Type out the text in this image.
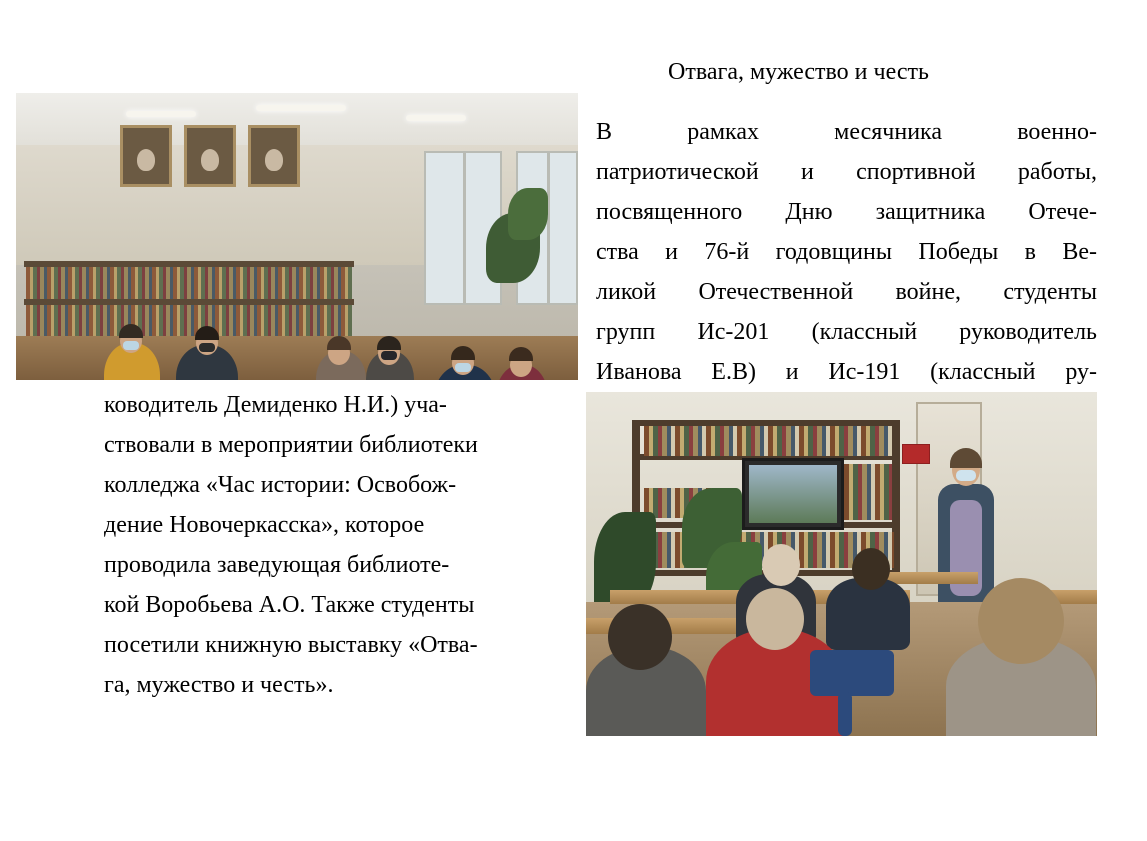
Отвага, мужество и честь
В рамках месячника военно-
патриотической и спортивной работы,
посвященного Дню защитника Отече-
ства и 76-й годовщины Победы в Ве-
ликой Отечественной войне, студенты
групп Ис-201 (классный руководитель
Иванова Е.В) и Ис-191 (классный ру-
ководитель Демиденко Н.И.) уча-
ствовали в мероприятии библиотеки
колледжа «Час истории: Освобож-
дение Новочеркасска», которое
проводила заведующая библиоте-
кой Воробьева А.О. Также студенты
посетили книжную выставку «Отва-
га, мужество и честь».
